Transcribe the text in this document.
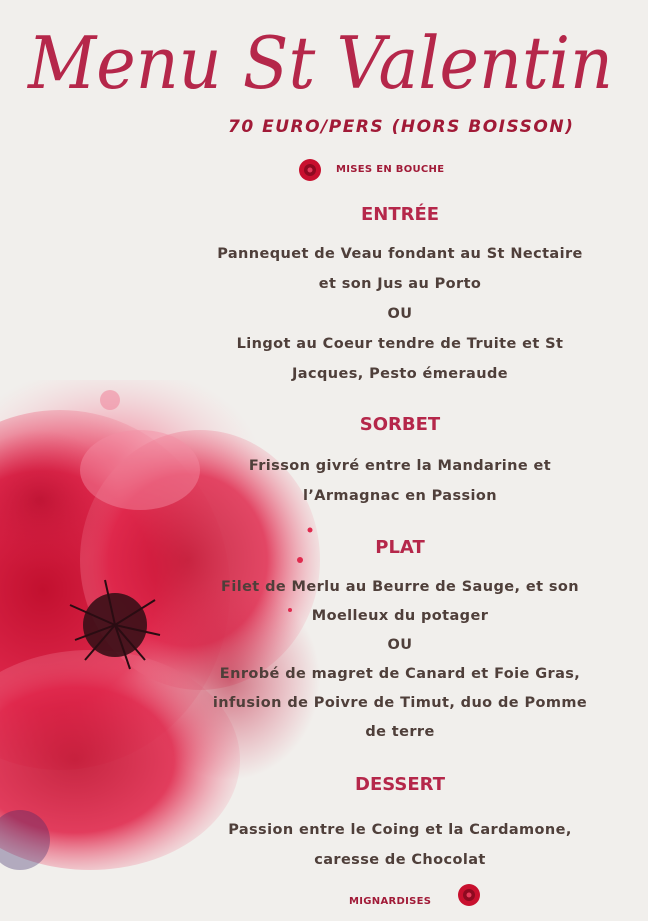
Menu St Valentin
70 EURO/PERS (HORS BOISSON)
MISES EN BOUCHE
ENTRÉE
Pannequet de Veau fondant au St Nectaire
et son Jus au Porto
OU
Lingot au Coeur tendre de Truite et St
Jacques, Pesto émeraude
SORBET
Frisson givré entre la Mandarine et
l’Armagnac en Passion
PLAT
Filet de Merlu au Beurre de Sauge, et son
Moelleux du potager
OU
Enrobé de magret de Canard et Foie Gras,
infusion de Poivre de Timut, duo de Pomme
de terre
DESSERT
Passion entre le Coing et la Cardamone,
caresse de Chocolat
MIGNARDISES
